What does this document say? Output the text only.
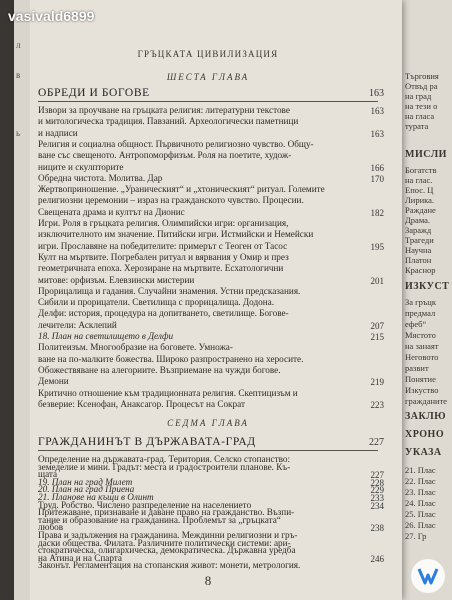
Търговия
Отвъд ра
на град
на тези о
на гласа
турата
МИСЛИ
Богатств
на глас.
Епос. Ц
Лирика.
Раждане
Драма.
Заражд
Трагеди
Научна
Платон
Краснор
ИЗКУСТ
За гръцк
предмал
ефеб“
Мястото
на занаят
Неговото
развит
Понятие
Изкуство
гражданите
ЗАКЛЮ
ХРОНО
УКАЗА
21. Плас
22. Плас
23. Плас
24. Плас
25. Плас
26. Плас
27. Гр
л
в
ь
ГРЪЦКАТА ЦИВИЛИЗАЦИЯ
ШЕСТА ГЛАВА
ОБРЕДИ И БОГОВЕ	163
Извори за проучване на гръцката религия: литературни текстове	163
и митологическа традиция. Павзаний. Археологически паметници
и надписи	163
Религия и социална общност. Първичното религиозно чувство. Общу-
ване със свещеното. Антропоморфизъм. Роля на поетите, худож-
ниците и скулпторите	166
Обредна чистота. Молитва. Дар	170
Жертвоприношение. „Ураническият“ и „хтоническият“ ритуал. Големите
религиозни церемонии – израз на гражданското чувство. Процесии.
Свещената драма и култът на Дионис	182
Игри. Роля в гръцката религия. Олимпийски игри: организация,
изключителното им значение. Питийски игри. Истмийски и Немейски
игри. Прославяне на победителите: примерът с Теоген от Тасос	195
Култ на мъртвите. Погребален ритуал и вярвания у Омир и през
геометричната епоха. Херозиране на мъртвите. Есхатологични
митове: орфизъм. Елевзински мистерии	201
Прорицалища и гадания. Случайни знамения. Устни предсказания.
Сибили и прорицатели. Светилища с прорицалища. Додона.
Делфи: история, процедура на допитването, светилище. Богове-
лечители: Асклепий	207
18. План на светилището в Делфи	215
Политеизъм. Многообразие на боговете. Умножа-
ване на по-малките божества. Широко разпространено на херосите.
Обожествяване на алегориите. Възприемане на чужди богове.
Демони	219
Критично отношение към традиционната религия. Скептицизъм и
безверие: Ксенофан, Анаксагор. Процесът на Сократ	223
СЕДМА ГЛАВА
ГРАЖДАНИНЪТ В ДЪРЖАВАТА-ГРАД	227
Определение на държавата-град. Територия. Селско стопанство:
земеделие и мини. Градът: места и градостроители планове. Къ-
щата	227
19. План на град Милет	228
20. План на град Приена	229
21. Планове на къщи в Олинт	233
Труд. Робство. Числено разпределение на населението	234
Притежаване, признаване и даване право на гражданство. Възпи-
тание и образование на гражданина. Проблемът за „гръцката“
любов	238
Права и задължения на гражданина. Междинни религиозни и гръ-
даски общества. Филата. Различните политически системи: ари-
стократическа, олигархическа, демократическа. Държавна уредба
на Атина и на Спарта	246
Законът. Регламентация на стопанския живот: монети, метрология.
8
vasivald6899
